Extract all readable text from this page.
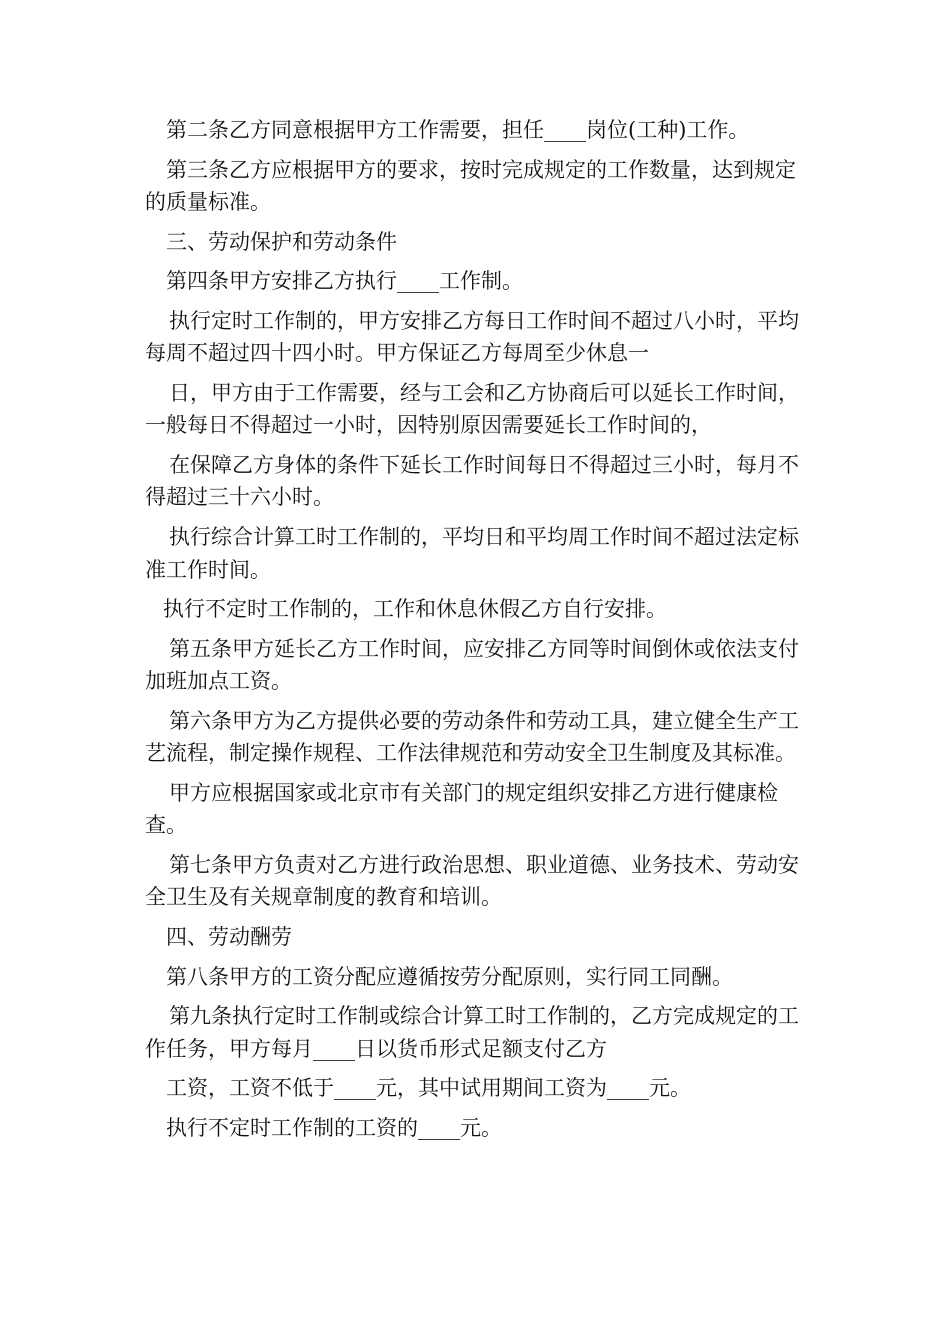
第二条乙方同意根据甲方工作需要，担任____岗位(工种)工作。

第三条乙方应根据甲方的要求，按时完成规定的工作数量，达到规定的质量标准。

三、劳动保护和劳动条件

第四条甲方安排乙方执行____工作制。

执行定时工作制的，甲方安排乙方每日工作时间不超过八小时，平均每周不超过四十四小时。甲方保证乙方每周至少休息一

日，甲方由于工作需要，经与工会和乙方协商后可以延长工作时间，一般每日不得超过一小时，因特别原因需要延长工作时间的，

在保障乙方身体的条件下延长工作时间每日不得超过三小时，每月不得超过三十六小时。

执行综合计算工时工作制的，平均日和平均周工作时间不超过法定标准工作时间。

执行不定时工作制的，工作和休息休假乙方自行安排。

第五条甲方延长乙方工作时间，应安排乙方同等时间倒休或依法支付加班加点工资。

第六条甲方为乙方提供必要的劳动条件和劳动工具，建立健全生产工艺流程，制定操作规程、工作法律规范和劳动安全卫生制度及其标准。

甲方应根据国家或北京市有关部门的规定组织安排乙方进行健康检查。

第七条甲方负责对乙方进行政治思想、职业道德、业务技术、劳动安全卫生及有关规章制度的教育和培训。

四、劳动酬劳

第八条甲方的工资分配应遵循按劳分配原则，实行同工同酬。

第九条执行定时工作制或综合计算工时工作制的，乙方完成规定的工作任务，甲方每月____日以货币形式足额支付乙方

工资，工资不低于____元，其中试用期间工资为____元。

执行不定时工作制的工资的____元。
